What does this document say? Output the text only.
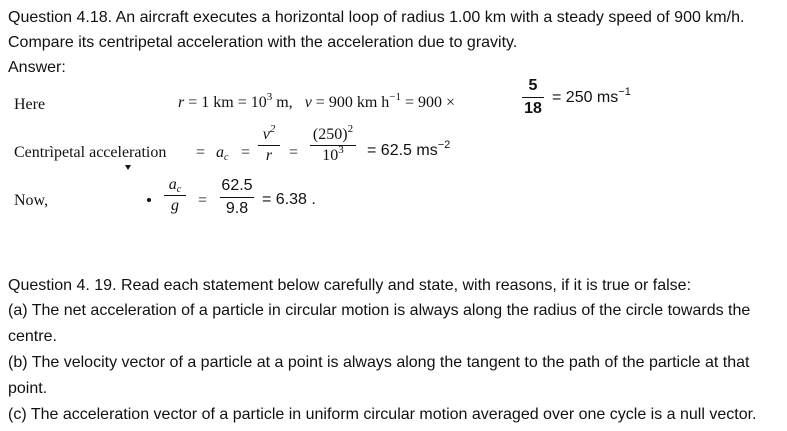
Question 4.18. An aircraft executes a horizontal loop of radius 1.00 km with a steady speed of 900 km/h.
Compare its centripetal acceleration with the acceleration due to gravity.
Answer:
Here	r = 1 km = $10^3$ m, v = 900 km $h^{-1} = 900$ ×
5
18
= 250 $ms^{-1}$
Centrìpetal acceleration = $a_c$ =
$v^2$
r	=
$(250)^2$
$10^3$	= 62.5 $ms^{-2}$
Now,
$a_c$
g	=
62.5
9.8
= 6.38 .
Question 4. 19. Read each statement below carefully and state, with reasons, if it is true or false:
(a) The net acceleration of a particle in circular motion is always along the radius of the circle towards the
centre.
(b) The velocity vector of a particle at a point is always along the tangent to the path of the particle at that
point.
(c) The acceleration vector of a particle in uniform circular motion averaged over one cycle is a null vector.
